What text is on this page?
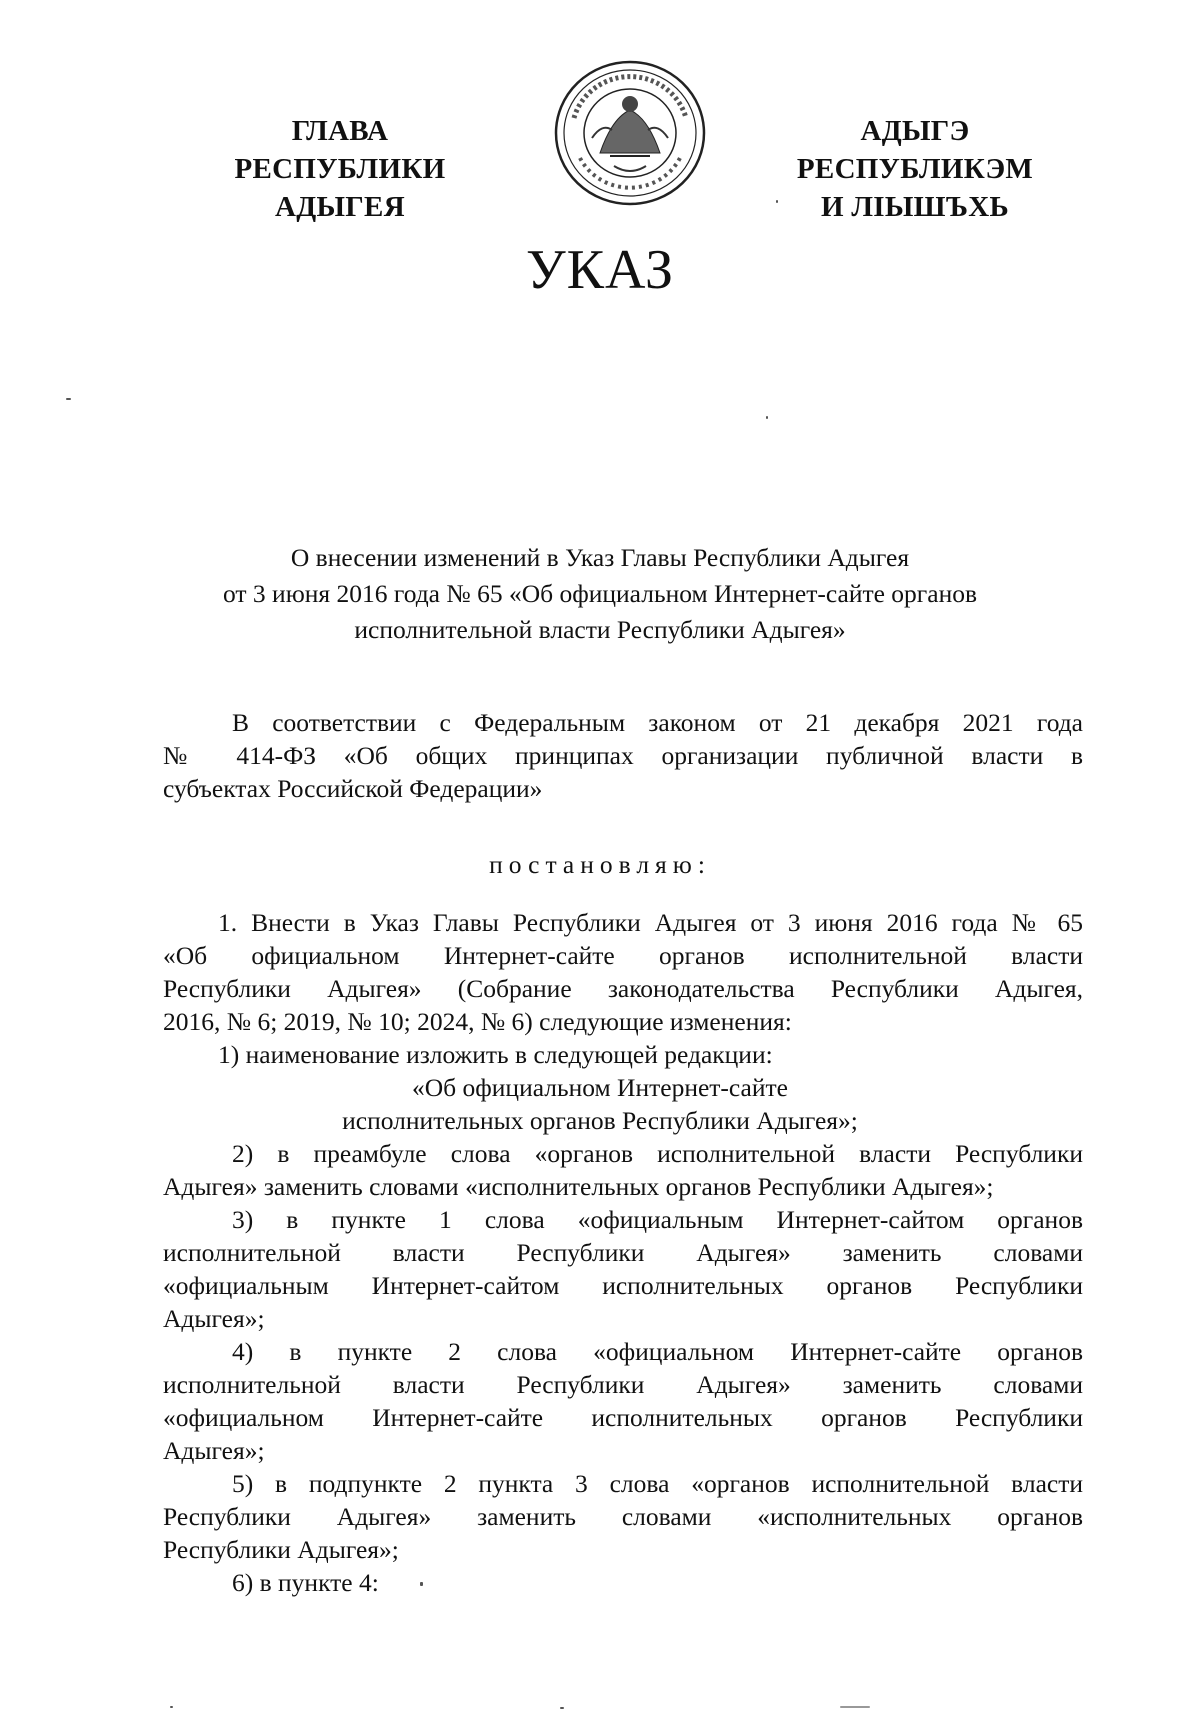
ГЛАВА
РЕСПУБЛИКИ АДЫГЕЯ
АДЫГЭ РЕСПУБЛИКЭМ
И ЛІЫШЪХЬ
УКАЗ
О внесении изменений в Указ Главы Республики Адыгея
от 3 июня 2016 года № 65 «Об официальном Интернет-сайте органов
исполнительной власти Республики Адыгея»
В соответствии с Федеральным законом от 21 декабря 2021 года
№ 414-ФЗ «Об общих принципах организации публичной власти в
субъектах Российской Федерации»
постановляю:
1. Внести в Указ Главы Республики Адыгея от 3 июня 2016 года № 65
«Об официальном Интернет-сайте органов исполнительной власти
Республики Адыгея» (Собрание законодательства Республики Адыгея,
2016, № 6; 2019, № 10; 2024, № 6) следующие изменения:
1) наименование изложить в следующей редакции:
«Об официальном Интернет-сайте
исполнительных органов Республики Адыгея»;
2) в преамбуле слова «органов исполнительной власти Республики
Адыгея» заменить словами «исполнительных органов Республики Адыгея»;
3) в пункте 1 слова «официальным Интернет-сайтом органов
исполнительной власти Республики Адыгея» заменить словами
«официальным Интернет-сайтом исполнительных органов Республики
Адыгея»;
4) в пункте 2 слова «официальном Интернет-сайте органов
исполнительной власти Республики Адыгея» заменить словами
«официальном Интернет-сайте исполнительных органов Республики
Адыгея»;
5) в подпункте 2 пункта 3 слова «органов исполнительной власти
Республики Адыгея» заменить словами «исполнительных органов
Республики Адыгея»;
6) в пункте 4:
